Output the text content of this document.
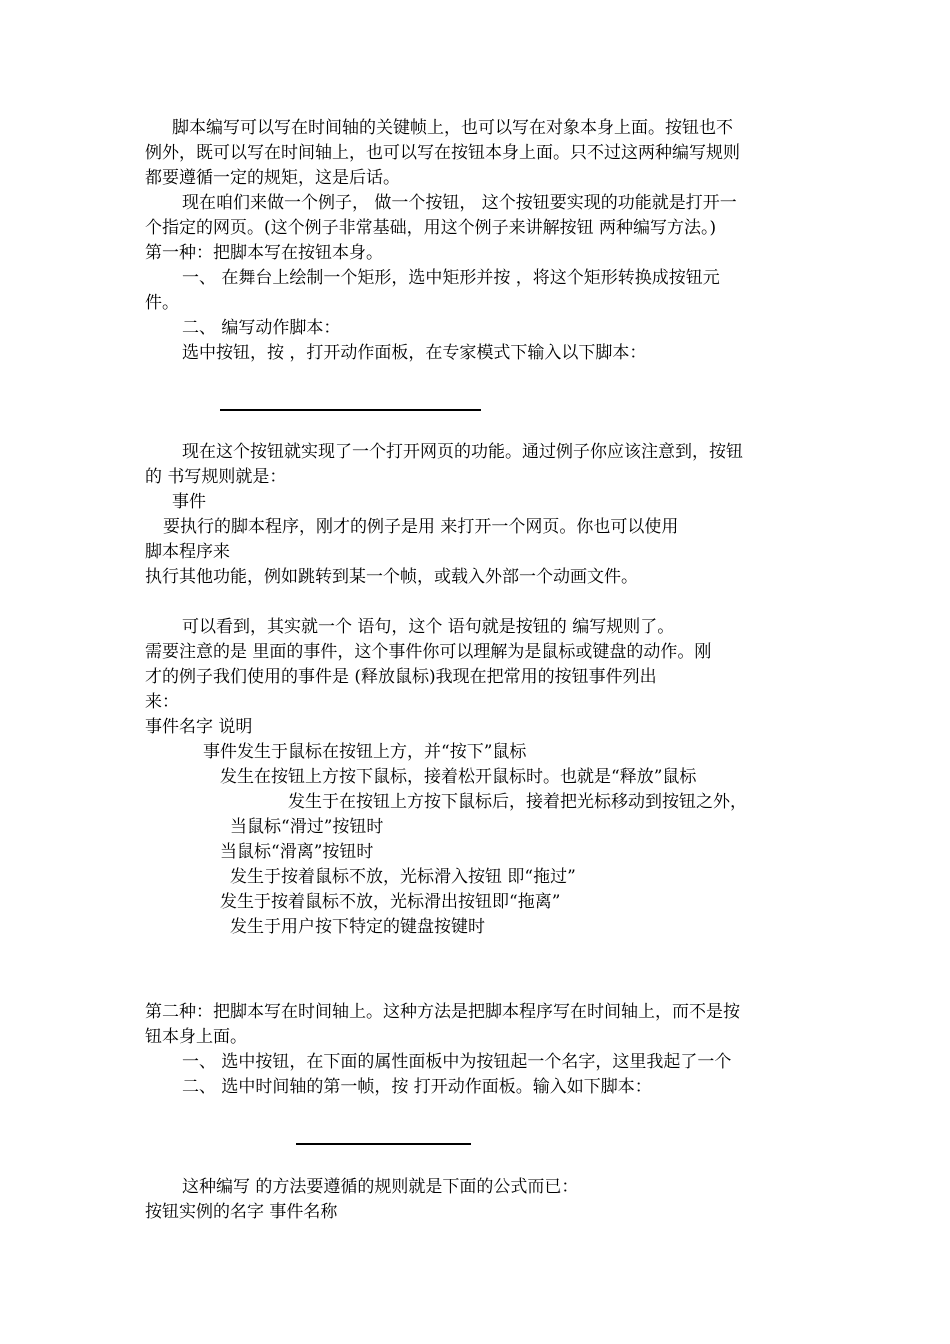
脚本编写可以写在时间轴的关键帧上，也可以写在对象本身上面。按钮也不
例外，既可以写在时间轴上，也可以写在按钮本身上面。只不过这两种编写规则
都要遵循一定的规矩，这是后话。
现在咱们来做一个例子， 做一个按钮， 这个按钮要实现的功能就是打开一
个指定的网页。(这个例子非常基础，用这个例子来讲解按钮 两种编写方法。)
第一种：把脚本写在按钮本身。
一、 在舞台上绘制一个矩形，选中矩形并按 ，将这个矩形转换成按钮元
件。
二、 编写动作脚本：
选中按钮，按 ，打开动作面板，在专家模式下输入以下脚本：
现在这个按钮就实现了一个打开网页的功能。通过例子你应该注意到，按钮
的 书写规则就是：
事件
要执行的脚本程序，刚才的例子是用 来打开一个网页。你也可以使用
脚本程序来
执行其他功能，例如跳转到某一个帧，或载入外部一个动画文件。
可以看到，其实就一个 语句，这个 语句就是按钮的 编写规则了。
需要注意的是 里面的事件，这个事件你可以理解为是鼠标或键盘的动作。刚
才的例子我们使用的事件是 (释放鼠标)我现在把常用的按钮事件列出
来：
事件名字 说明
事件发生于鼠标在按钮上方，并“按下”鼠标
发生在按钮上方按下鼠标，接着松开鼠标时。也就是“释放”鼠标
发生于在按钮上方按下鼠标后，接着把光标移动到按钮之外，
当鼠标“滑过”按钮时
当鼠标“滑离”按钮时
发生于按着鼠标不放，光标滑入按钮 即“拖过”
发生于按着鼠标不放，光标滑出按钮即“拖离”
发生于用户按下特定的键盘按键时
第二种：把脚本写在时间轴上。这种方法是把脚本程序写在时间轴上，而不是按
钮本身上面。
一、 选中按钮，在下面的属性面板中为按钮起一个名字，这里我起了一个
二、 选中时间轴的第一帧，按 打开动作面板。输入如下脚本：
这种编写 的方法要遵循的规则就是下面的公式而已：
按钮实例的名字 事件名称
